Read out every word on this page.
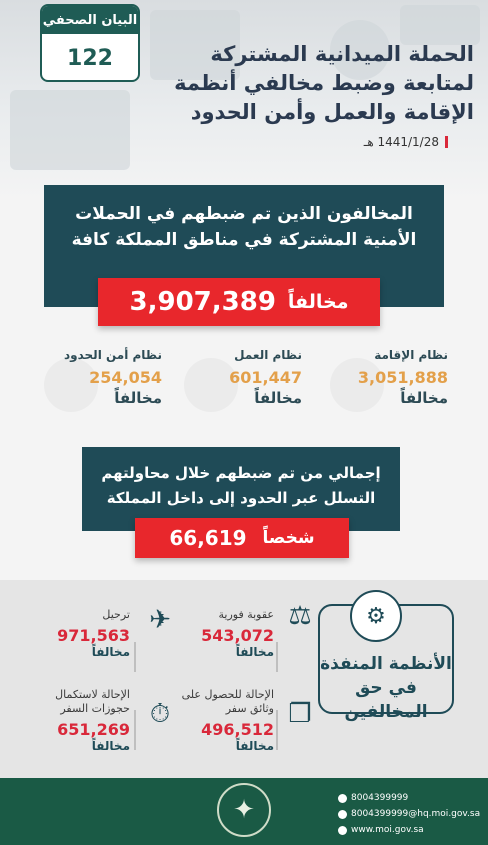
البيان الصحفي
122	الحملة الميدانية المشتركة
لمتابعة وضبط مخالفي أنظمة
الإقامة والعمل وأمن الحدود
1441/1/28 هـ
المخالفون الذين تم ضبطهم في الحملات
الأمنية المشتركة في مناطق المملكة كافة
مخالفاً
3,907,389
نظام الإقامة
3,051,888
مخالفاً
نظام العمل
601,447
مخالفاً
نظام أمن الحدود
254,054
مخالفاً
إجمالي من تم ضبطهم خلال محاولتهم
التسلل عبر الحدود إلى داخل المملكة
شخصاً
66,619
⚙
الأنظمة المنفذة
في حق المخالفين
⚖
عقوبة فورية
543,072
مخالفاً
✈
ترحيل
971,563
مخالفاً
❐
الإحالة للحصول على وثائق سفر
496,512
مخالفاً
⏱
الإحالة لاستكمال حجوزات السفر
651,269
مخالفاً
✦	8004399999
8004399999@hq.moi.gov.sa
www.moi.gov.sa
